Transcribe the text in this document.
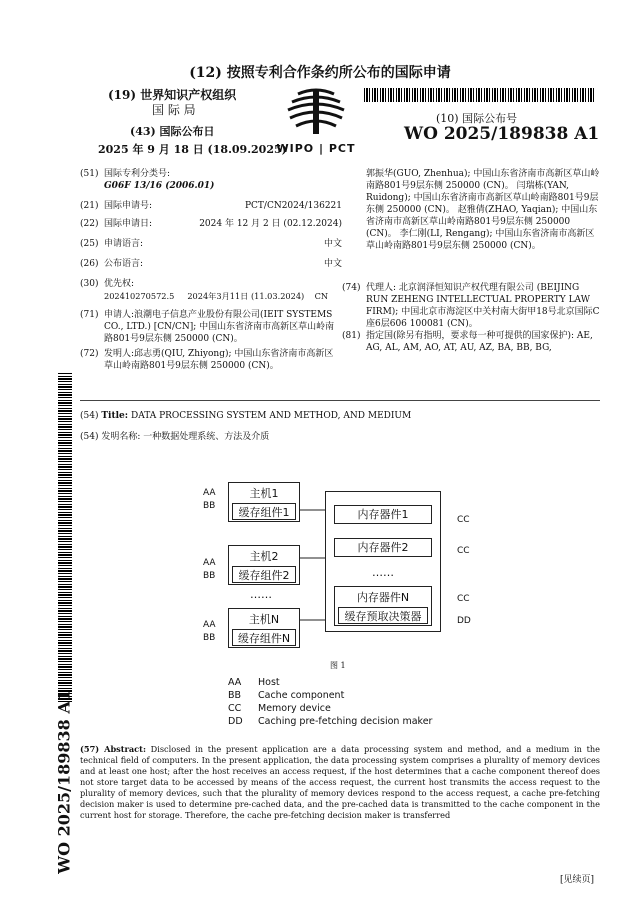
(12) 按照专利合作条约所公布的国际申请
(19) 世界知识产权组织
国 际 局
(43) 国际公布日
2025 年 9 月 18 日 (18.09.2025)
WIPO | PCT
(10) 国际公布号
WO 2025/189838 A1
(51) 国际专利分类号:
G06F 13/16 (2006.01)
(21) 国际申请号:	PCT/CN2024/136221
(22) 国际申请日:	2024 年 12 月 2 日 (02.12.2024)
(25) 申请语言:	中文
(26) 公布语言:	中文
(30) 优先权:
202410270572.5     2024年3月11日 (11.03.2024)    CN
(71) 申请人:浪潮电子信息产业股份有限公司(IEIT SYSTEMS CO., LTD.) [CN/CN]; 中国山东省济南市高新区草山岭南路801号9层东侧 250000 (CN)。
(72) 发明人:邱志勇(QIU, Zhiyong); 中国山东省济南市高新区草山岭南路801号9层东侧 250000 (CN)。
郭振华(GUO, Zhenhua); 中国山东省济南市高新区草山岭南路801号9层东侧 250000 (CN)。 闫瑞栋(YAN, Ruidong); 中国山东省济南市高新区草山岭南路801号9层东侧 250000 (CN)。 赵雅倩(ZHAO, Yaqian); 中国山东省济南市高新区草山岭南路801号9层东侧 250000 (CN)。 李仁刚(LI, Rengang); 中国山东省济南市高新区草山岭南路801号9层东侧 250000 (CN)。
(74) 代理人: 北京润泽恒知识产权代理有限公司 (BEIJING RUN ZEHENG INTELLECTUAL PROPERTY LAW FIRM); 中国北京市海淀区中关村南大街甲18号北京国际C座6层606 100081 (CN)。
(81) 指定国(除另有指明，要求每一种可提供的国家保护): AE, AG, AL, AM, AO, AT, AU, AZ, BA, BB, BG,
WO 2025/189838 A1
(54) Title: DATA PROCESSING SYSTEM AND METHOD, AND MEDIUM
(54) 发明名称: 一种数据处理系统、方法及介质
主机1
缓存组件1
主机2
缓存组件2
……
主机N
缓存组件N
内存器件1
内存器件2
……
内存器件N
缓存预取决策器
AA
BB
AA
BB
AA
BB
CC
CC
CC
DD
图 1
AA Host
BB Cache component
CC Memory device
DD Caching pre-fetching decision maker
(57) Abstract: Disclosed in the present application are a data processing system and method, and a medium in the technical field of computers. In the present application, the data processing system comprises a plurality of memory devices and at least one host; after the host receives an access request, if the host determines that a cache component thereof does not store target data to be accessed by means of the access request, the current host transmits the access request to the plurality of memory devices, such that the plurality of memory devices respond to the access request, a cache pre-fetching decision maker is used to determine pre-cached data, and the pre-cached data is transmitted to the cache component in the current host for storage. Therefore, the cache pre-fetching decision maker is transferred
[见续页]
